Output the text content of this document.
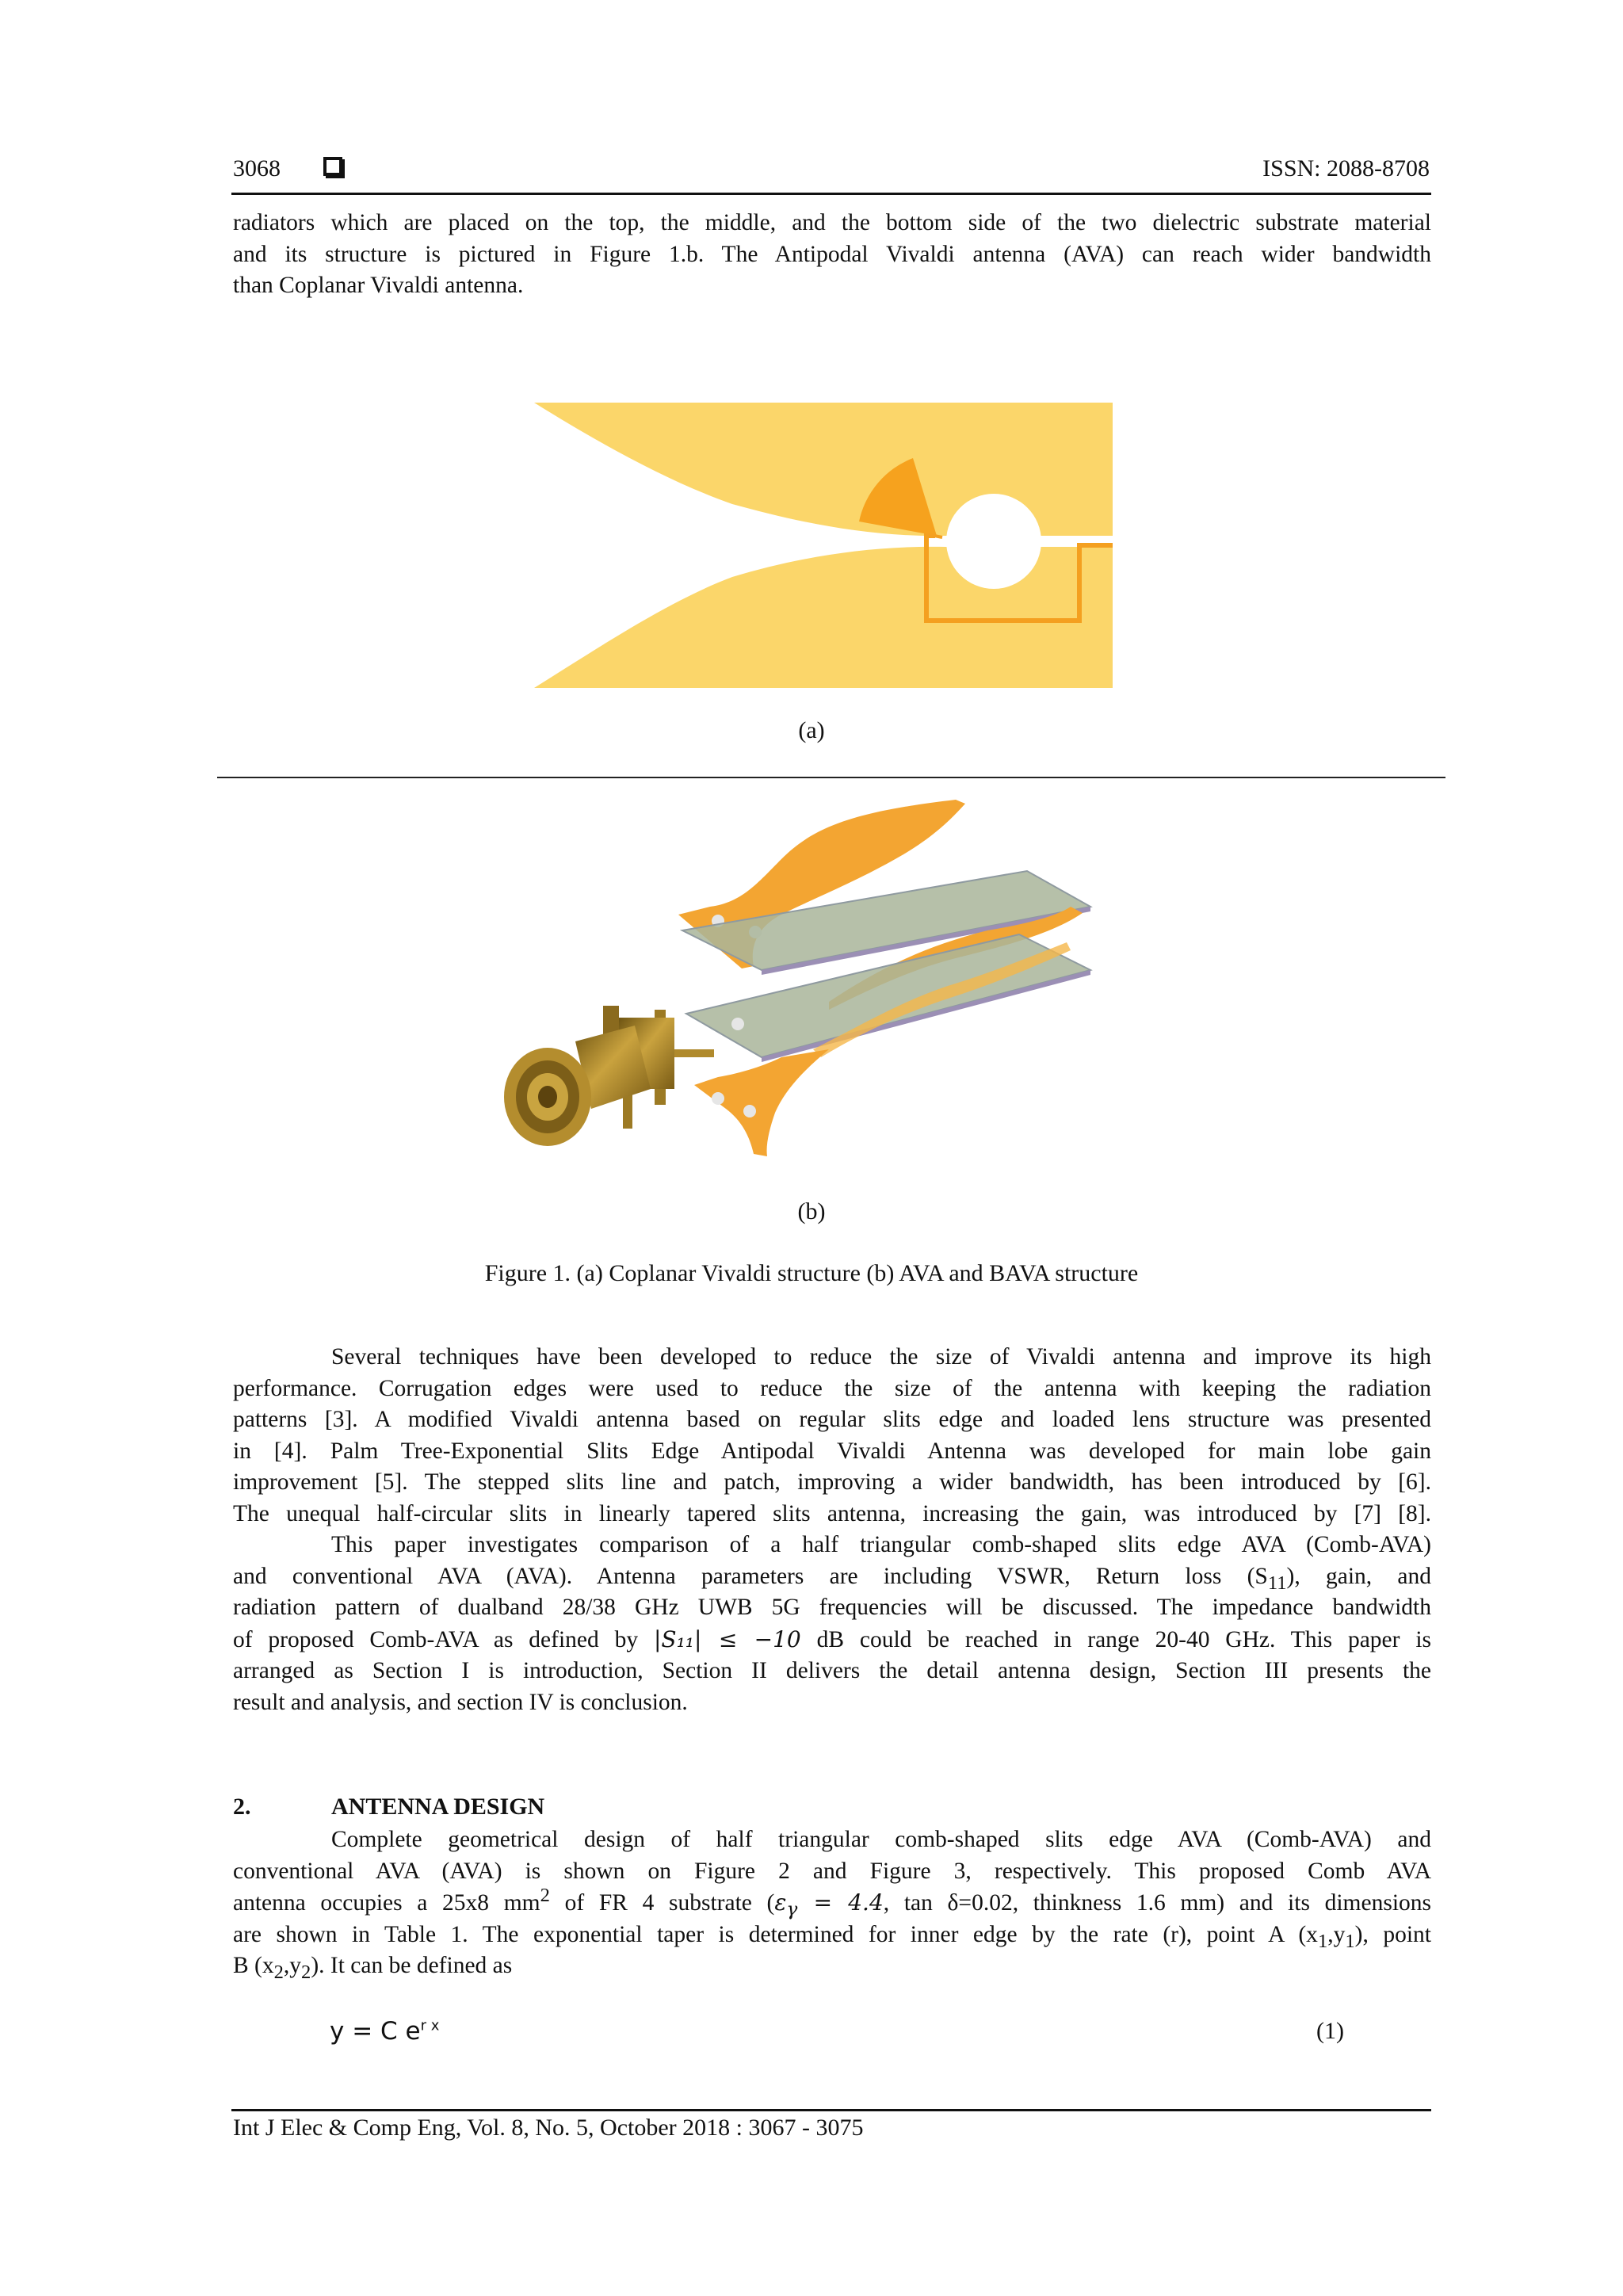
3068	ISSN: 2088-8708
radiators which are placed on the top, the middle, and the bottom side of the two dielectric substrate material
and its structure is pictured in Figure 1.b. The Antipodal Vivaldi antenna (AVA) can reach wider bandwidth
than Coplanar Vivaldi antenna.
(a)
(b)
Figure 1. (a) Coplanar Vivaldi structure (b) AVA and BAVA structure
Several techniques have been developed to reduce the size of Vivaldi antenna and improve its high
performance. Corrugation edges were used to reduce the size of the antenna with keeping the radiation
patterns [3]. A modified Vivaldi antenna based on regular slits edge and loaded lens structure was presented
in [4]. Palm Tree-Exponential Slits Edge Antipodal Vivaldi Antenna was developed for main lobe gain
improvement [5]. The stepped slits line and patch, improving a wider bandwidth, has been introduced by [6].
The unequal half-circular slits in linearly tapered slits antenna, increasing the gain, was introduced by [7] [8].
This paper investigates comparison of a half triangular comb-shaped slits edge AVA (Comb-AVA)
and conventional AVA (AVA). Antenna parameters are including VSWR, Return loss $(S_{11})$, gain, and
radiation pattern of dualband 28/38 GHz UWB 5G frequencies will be discussed. The impedance bandwidth
of proposed Comb-AVA as defined by |S₁₁| ≤ −10 dB could be reached in range 20-40 GHz. This paper is
arranged as Section I is introduction, Section II delivers the detail antenna design, Section III presents the
result and analysis, and section IV is conclusion.
2.	ANTENNA DESIGN
Complete geometrical design of half triangular comb-shaped slits edge AVA (Comb-AVA) and
conventional AVA (AVA) is shown on Figure 2 and Figure 3, respectively. This proposed Comb AVA
antenna occupies a 25x8 $mm^2$ of FR 4 substrate ($\varepsilon_\gamma = 4.4$, tan δ=0.02, thinkness 1.6 mm) and its dimensions
are shown in Table 1. The exponential taper is determined for inner edge by the rate (r), point A $(x_1,y_1)$, point
B $(x_2,y_2)$. It can be defined as
y = C $e^{r x}$	(1)
Int J Elec & Comp Eng, Vol. 8, No. 5, October 2018 : 3067 - 3075
